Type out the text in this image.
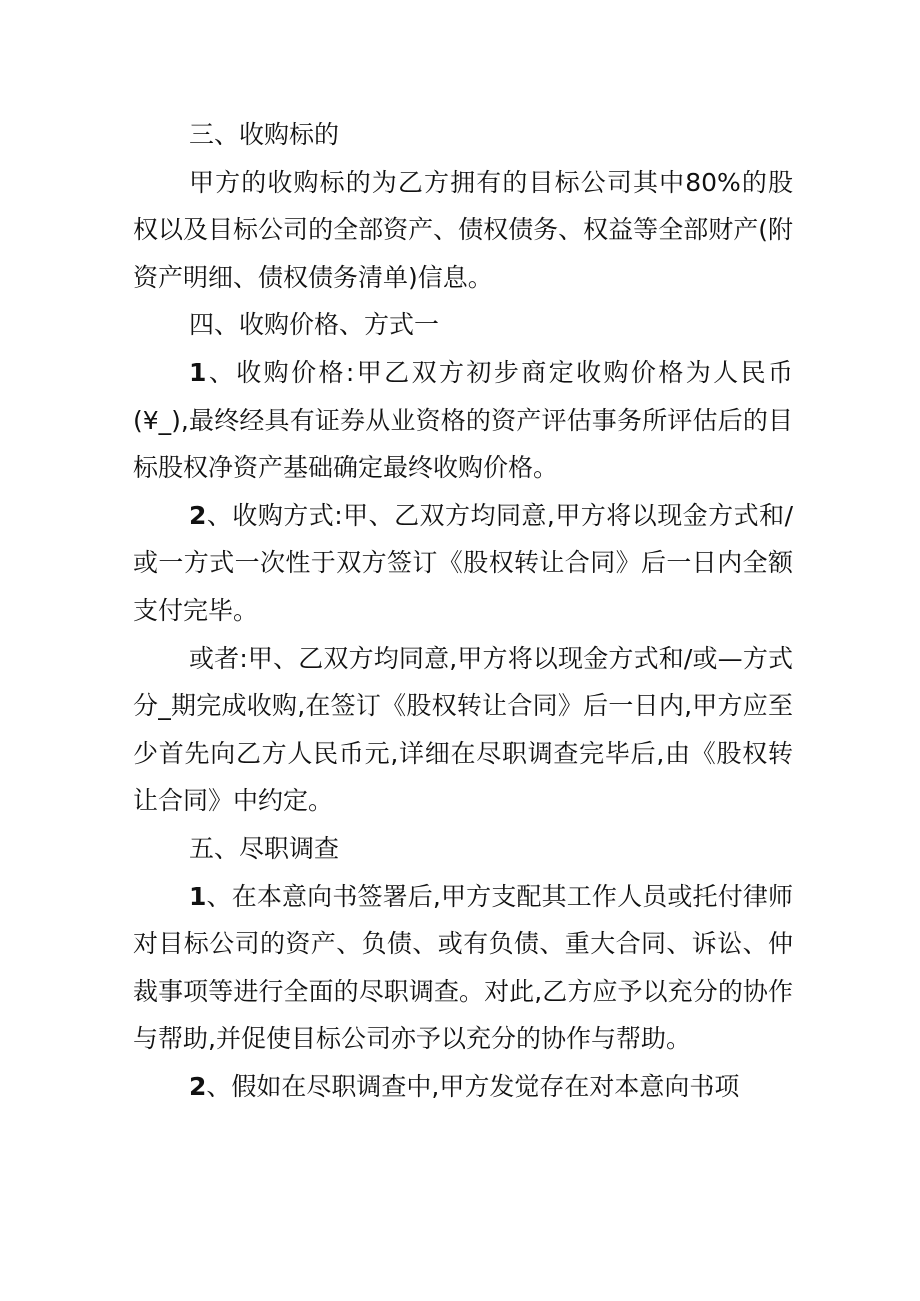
三、收购标的

甲方的收购标的为乙方拥有的目标公司其中80%的股权以及目标公司的全部资产、债权债务、权益等全部财产(附资产明细、债权债务清单)信息。

四、收购价格、方式一

1、收购价格:甲乙双方初步商定收购价格为人民币(¥_),最终经具有证券从业资格的资产评估事务所评估后的目标股权净资产基础确定最终收购价格。

2、收购方式:甲、乙双方均同意,甲方将以现金方式和/或一方式一次性于双方签订《股权转让合同》后一日内全额支付完毕。

或者:甲、乙双方均同意,甲方将以现金方式和/或—方式分_期完成收购,在签订《股权转让合同》后一日内,甲方应至少首先向乙方人民币元,详细在尽职调查完毕后,由《股权转让合同》中约定。

五、尽职调查

1、在本意向书签署后,甲方支配其工作人员或托付律师对目标公司的资产、负债、或有负债、重大合同、诉讼、仲裁事项等进行全面的尽职调查。对此,乙方应予以充分的协作与帮助,并促使目标公司亦予以充分的协作与帮助。

2、假如在尽职调查中,甲方发觉存在对本意向书项
